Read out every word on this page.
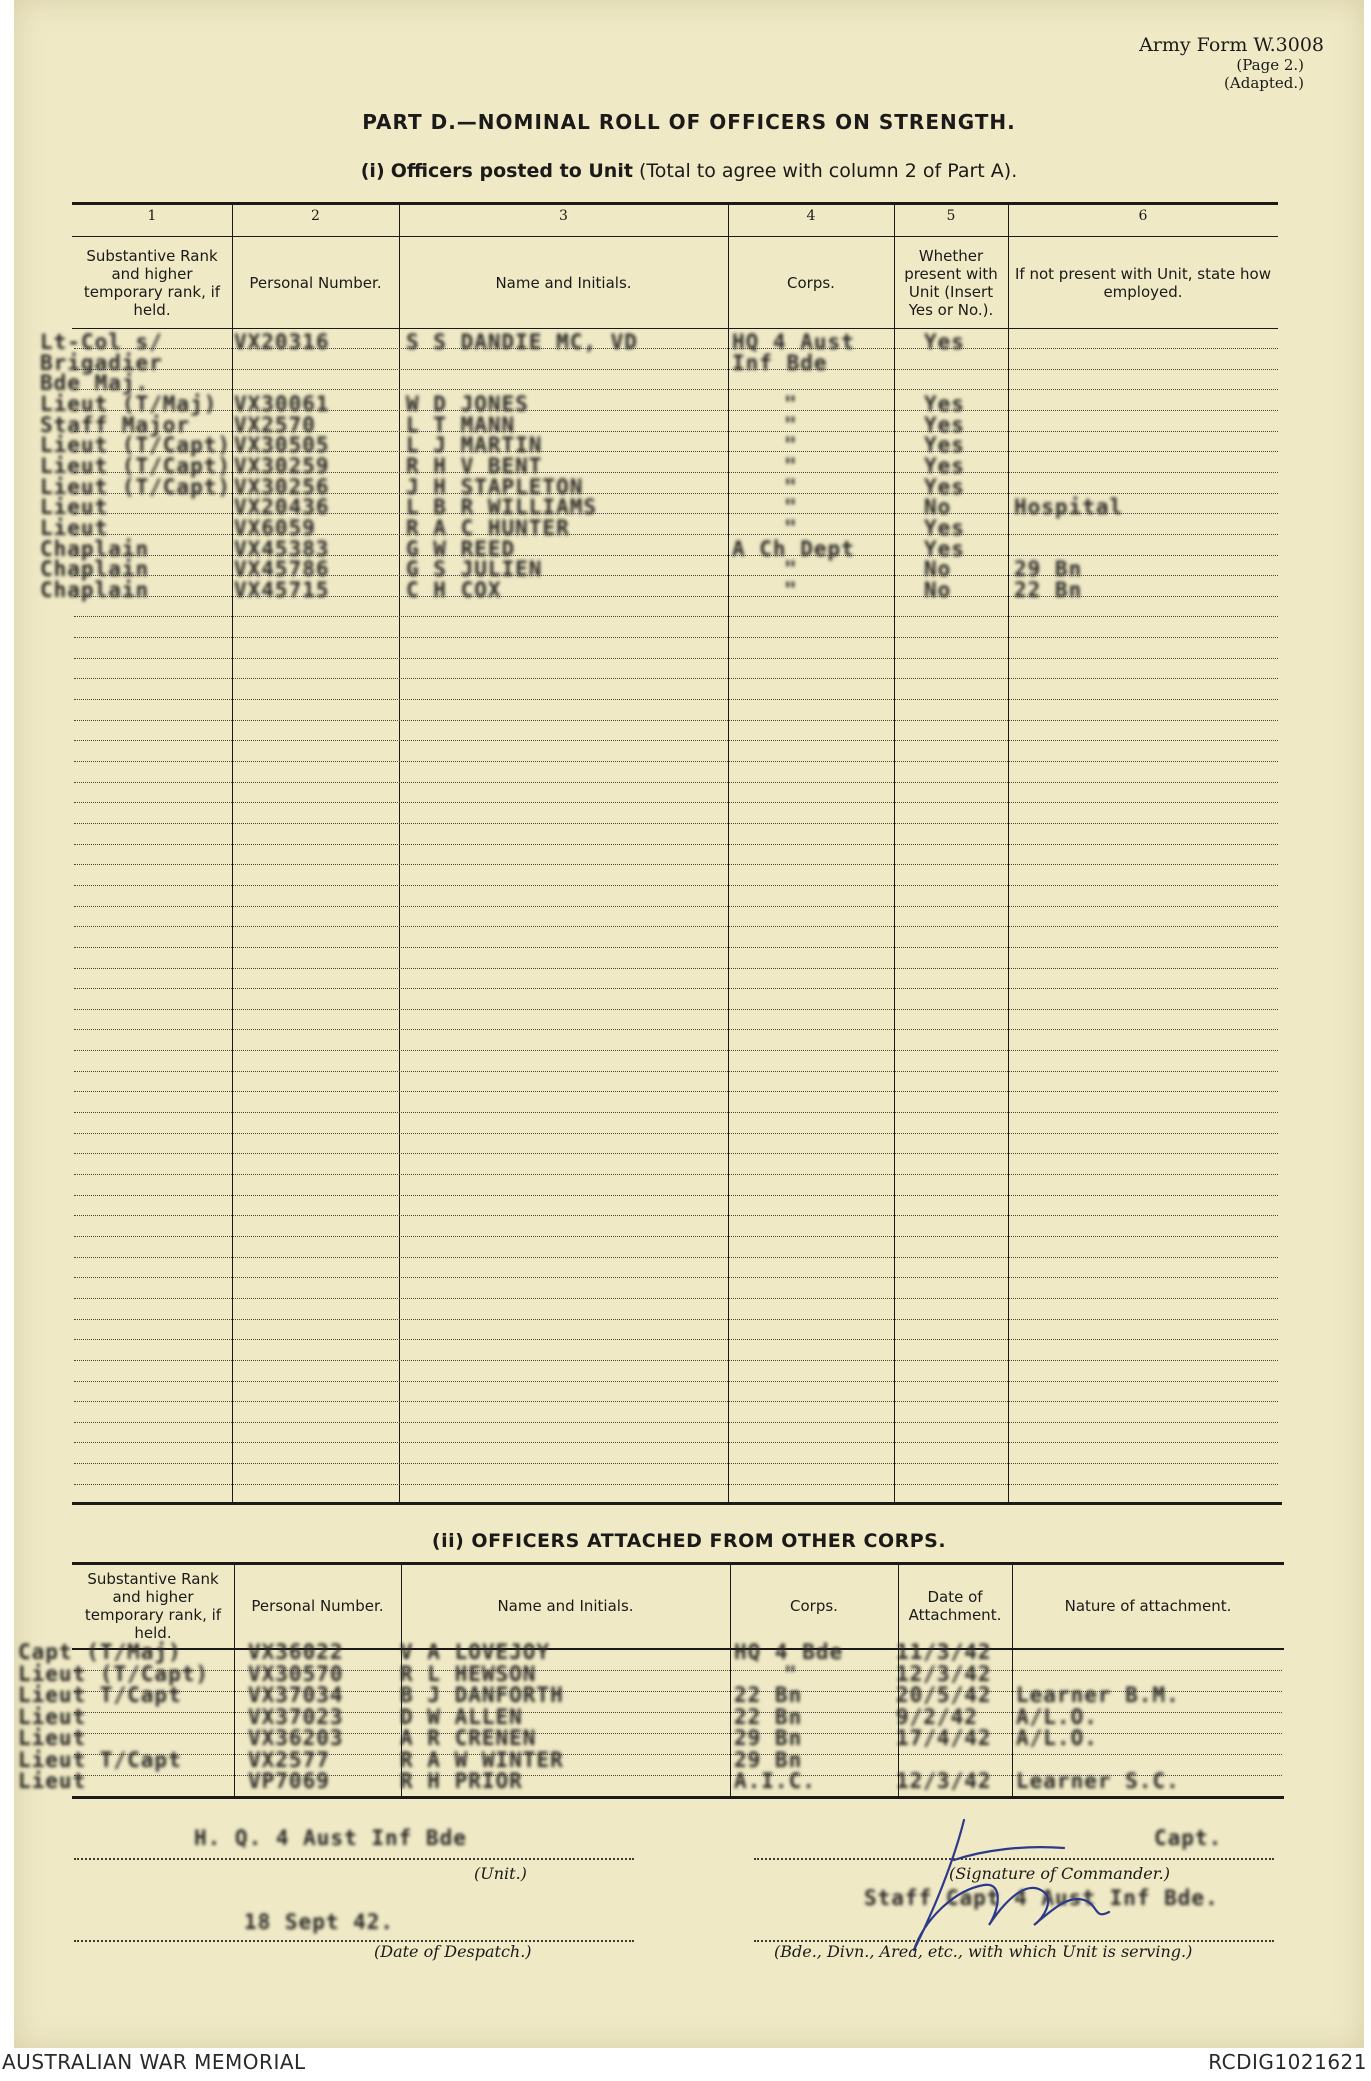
Army Form W.3008
(Page 2.)
(Adapted.)
PART D.—NOMINAL ROLL OF OFFICERS ON STRENGTH.
(i) Officers posted to Unit (Total to agree with column 2 of Part A).
1	2	3	4	5	6
Substantive Rank and higher temporary rank, if held.
Personal Number.	Name and Initials.	Corps.
Whether present with Unit (Insert Yes or No.).
If not present with Unit, state how employed.
Lt-Col s/	VX20316	S S DANDIE MC, VD	HQ 4 Aust	Yes
Brigadier	Inf Bde
Bde Maj.
Lieut (T/Maj) VX30061	W D JONES	"	Yes
Staff Major VX2570	L T MANN	"	Yes
Lieut (T/Capt) VX30505	L J MARTIN	"	Yes
Lieut (T/Capt) VX30259	R H V BENT	"	Yes
Lieut (T/Capt) VX30256	J H STAPLETON	"	Yes
Lieut	VX20436	L B R WILLIAMS	"	No	Hospital
Lieut	VX6059	R A C HUNTER	"	Yes
Chaplain	VX45383	G W REED	A Ch Dept	Yes
Chaplain	VX45786	G S JULIEN	"	No	29 Bn
Chaplain	VX45715	C H COX	"	No	22 Bn
(ii) OFFICERS ATTACHED FROM OTHER CORPS.
Substantive Rank and higher temporary rank, if held.
Personal Number.	Name and Initials.	Corps.	Date of Attachment.	Nature of attachment.
Capt (T/Maj)	VX36022	V A LOVEJOY	HQ 4 Bde	11/3/42
Lieut (T/Capt) VX30570	R L HEWSON	"	12/3/42
Lieut T/Capt	VX37034	B J DANFORTH	22 Bn	20/5/42 Learner B.M.
Lieut	VX37023	D W ALLEN	22 Bn	9/2/42 A/L.O.
Lieut	VX36203	A R CRENEN	29 Bn	17/4/42 A/L.O.
Lieut T/Capt	VX2577	R A W WINTER	29 Bn
Lieut	VP7069	R H PRIOR	A.I.C.	12/3/42 Learner S.C.
H. Q. 4 Aust Inf Bde
(Unit.)
Capt.
(Signature of Commander.)
Staff Capt 4 Aust Inf Bde.
18 Sept 42.
(Date of Despatch.)	(Bde., Divn., Area, etc., with which Unit is serving.)
AUSTRALIAN WAR MEMORIAL	RCDIG1021621
